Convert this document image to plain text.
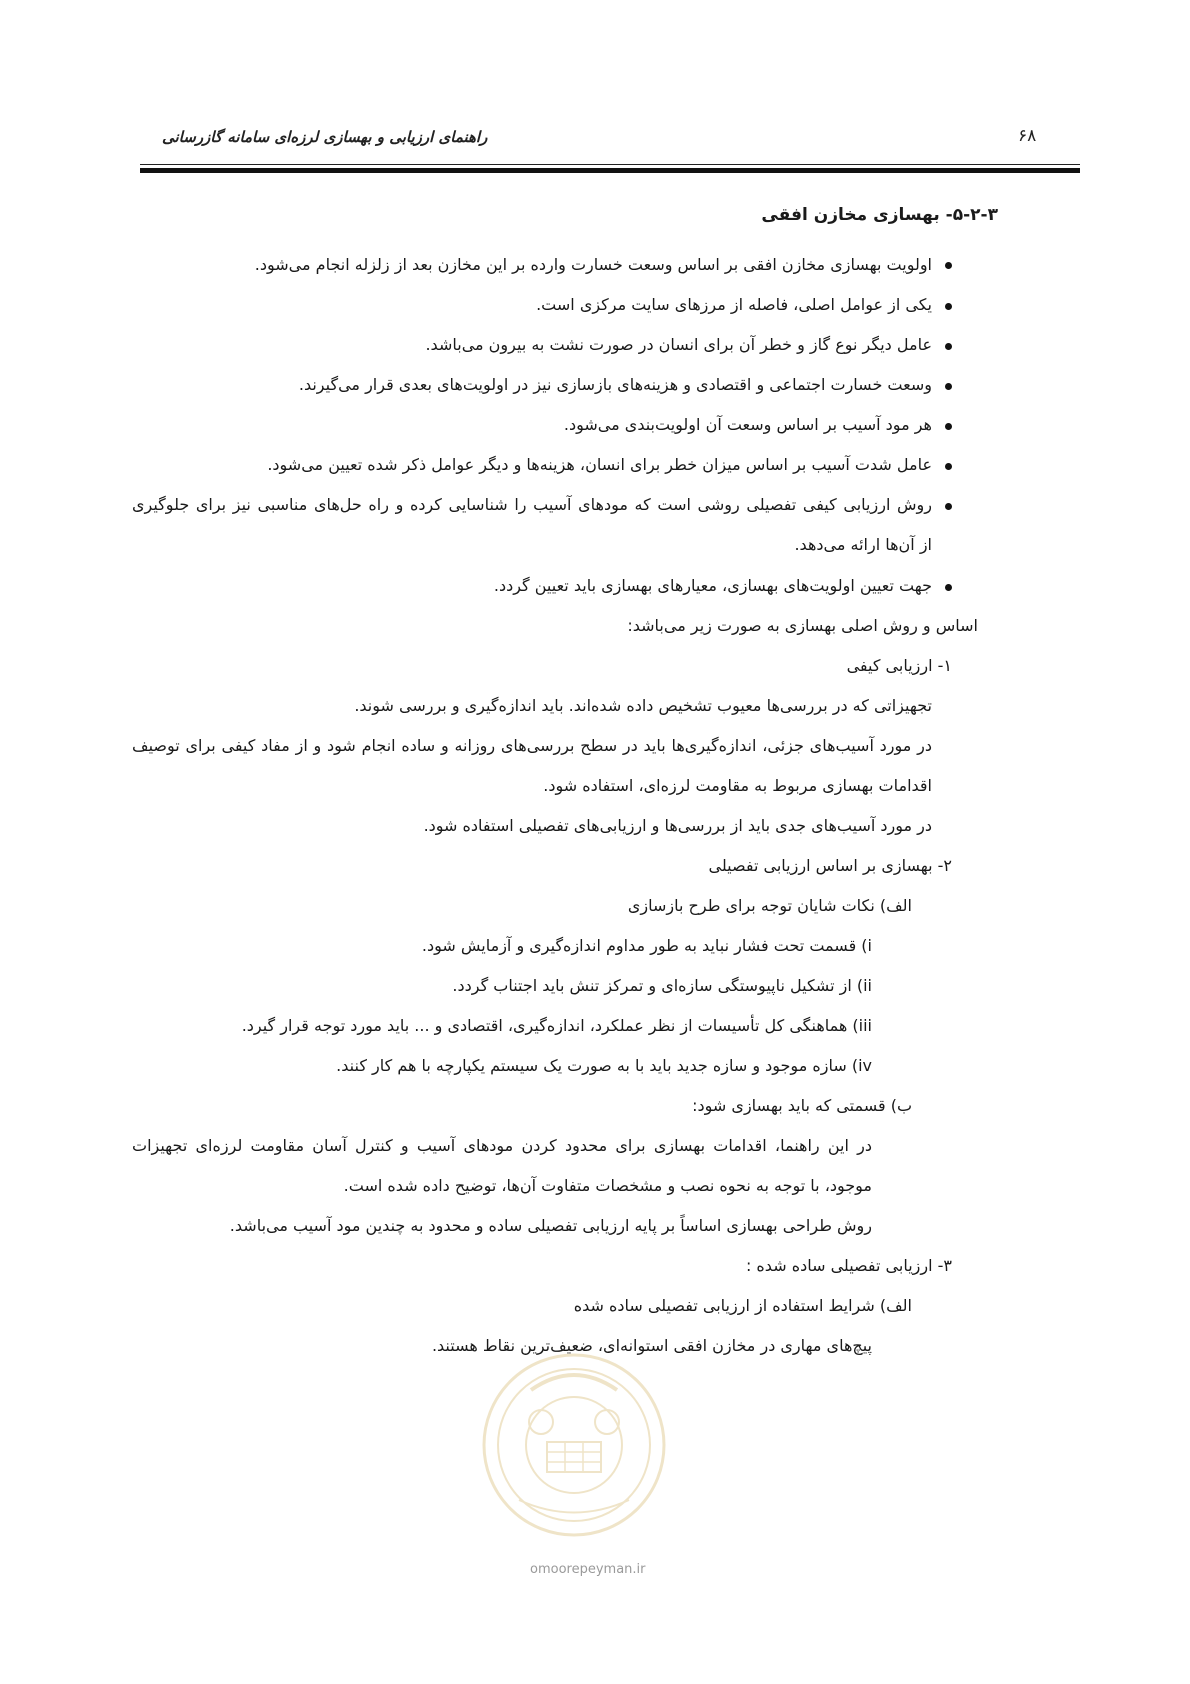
راهنمای ارزیابی و بهسازی لرزه‌ای سامانه گازرسانی	۶۸
۵-۲-۳- بهسازی مخازن افقی
اولویت بهسازی مخازن افقی بر اساس وسعت خسارت وارده بر این مخازن بعد از زلزله انجام می‌شود.
یکی از عوامل اصلی، فاصله از مرزهای سایت مرکزی است.
عامل دیگر نوع گاز و خطر آن برای انسان در صورت نشت به بیرون می‌باشد.
وسعت خسارت اجتماعی و اقتصادی و هزینه‌های بازسازی نیز در اولویت‌های بعدی قرار می‌گیرند.
هر مود آسیب بر اساس وسعت آن اولویت‌بندی می‌شود.
عامل شدت آسیب بر اساس میزان خطر برای انسان، هزینه‌ها و دیگر عوامل ذکر شده تعیین می‌شود.
روش ارزیابی کیفی تفصیلی روشی است که مودهای آسیب را شناسایی کرده و راه حل‌های مناسبی نیز برای جلوگیری
از آن‌ها ارائه می‌دهد.
جهت تعیین اولویت‌های بهسازی، معیارهای بهسازی باید تعیین گردد.
اساس و روش اصلی بهسازی به صورت زیر می‌باشد:
۱- ارزیابی کیفی
تجهیزاتی که در بررسی‌ها معیوب تشخیص داده شده‌اند. باید اندازه‌گیری و بررسی شوند.
در مورد آسیب‌های جزئی، اندازه‌گیری‌ها باید در سطح بررسی‌های روزانه و ساده انجام شود و از مفاد کیفی برای توصیف
اقدامات بهسازی مربوط به مقاومت لرزه‌ای، استفاده شود.
در مورد آسیب‌های جدی باید از بررسی‌ها و ارزیابی‌های تفصیلی استفاده شود.
۲- بهسازی بر اساس ارزیابی تفصیلی
الف) نکات شایان توجه برای طرح بازسازی
i) قسمت تحت فشار نباید به طور مداوم اندازه‌گیری و آزمایش شود.
ii) از تشکیل ناپیوستگی سازه‌ای و تمرکز تنش باید اجتناب گردد.
iii) هماهنگی کل تأسیسات از نظر عملکرد، اندازه‌گیری، اقتصادی و ... باید مورد توجه قرار گیرد.
iv) سازه موجود و سازه جدید باید با به صورت یک سیستم یکپارچه با هم کار کنند.
ب) قسمتی که باید بهسازی شود:
در این راهنما، اقدامات بهسازی برای محدود کردن مودهای آسیب و کنترل آسان مقاومت لرزه‌ای تجهیزات
موجود، با توجه به نحوه نصب و مشخصات متفاوت آن‌ها، توضیح داده شده است.
روش طراحی بهسازی اساساً بر پایه ارزیابی تفصیلی ساده و محدود به چندین مود آسیب می‌باشد.
۳- ارزیابی تفصیلی ساده شده :
الف) شرایط استفاده از ارزیابی تفصیلی ساده شده
پیچ‌های مهاری در مخازن افقی استوانه‌ای، ضعیف‌ترین نقاط هستند.
omoorepeyman.ir
